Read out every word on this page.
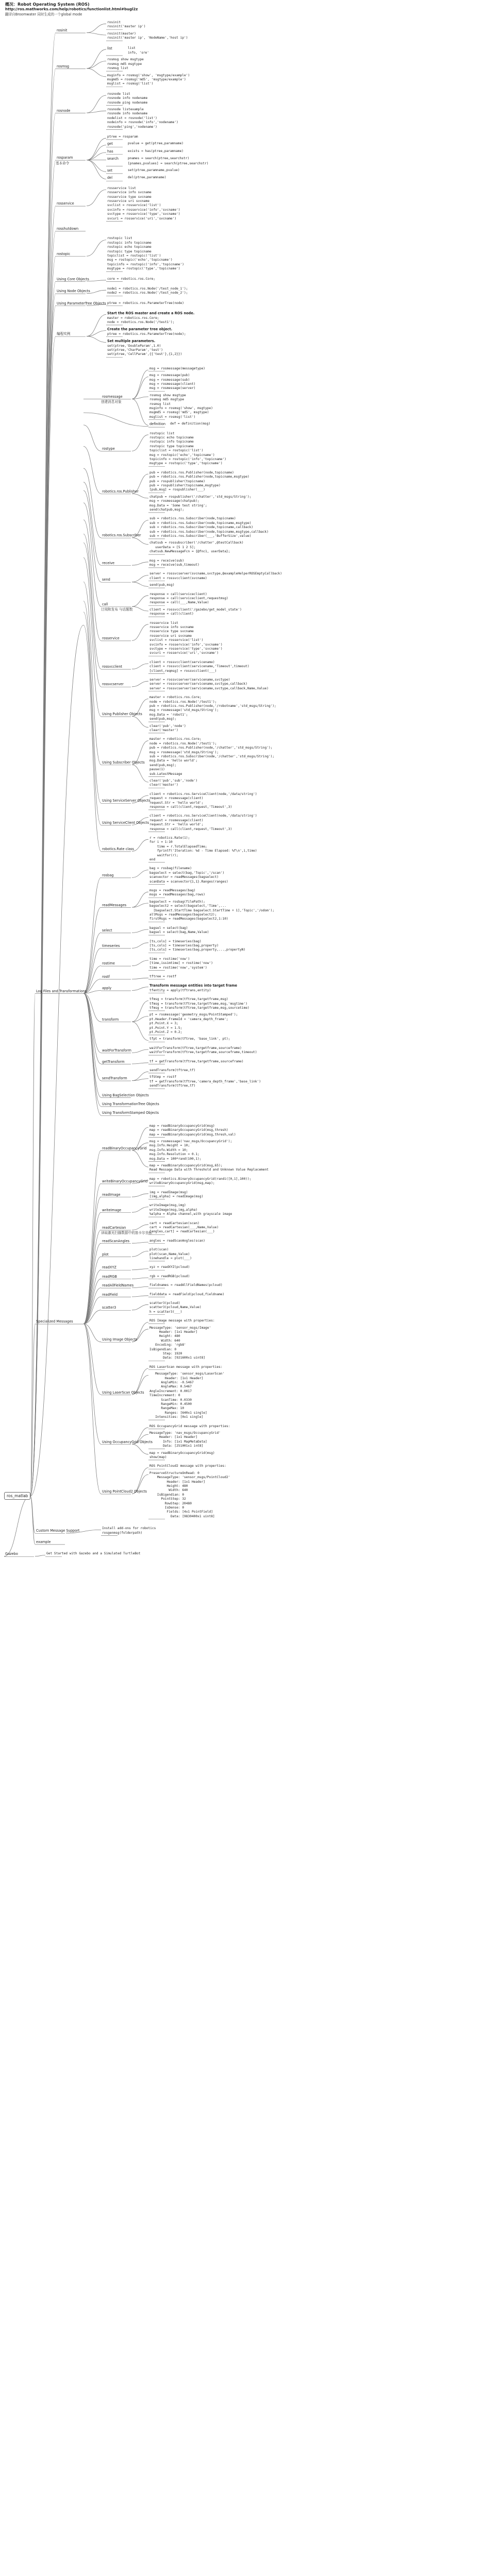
概况：Robot Operating System (ROS)
http://ros.mathworks.com/help/robotics/functionlist.html#bugl2z
翻译自Broomwater 同时生成的一个global mode
ros_matlab
rosinit
rosinit
rosinit('master ip')
rosinit(master)
rosinit('master ip', 'NodeName','host ip')
rosmsg
list	list
info, 'sre'
rosmsg show msgtype
rosmsg md5 msgtype
rosmsg list
msginfo = rosmsg('show', 'msgtype/example')
msgmd5 = rosmsg('md5', 'msgtype/example')
msglist = rosmsg('list')
rosnode
rosnode list
rosnode info nodename
rosnode ping nodename
rosnode listexample
rosnode info nodename
nodelist = rosnode('list')
nodeinfo = rosnode('info','nodename')
rosnode('ping','nodename')
rosparam
基本命令
ptree = rosparam
get	pvalue = get(ptree,paramname)
has	exists = has(ptree,paramname)
search	pnames = search(ptree,searchstr)
[pnames,pvalues] = search(ptree,searchstr)
set	set(ptree,paramname,pvalue)
del	del(ptree,paramname)
rosservice
rosservice list
rosservice info svcname
rosservice type svcname
rosservice uri svcname
svclist = rosservice('list')
svcinfo = rosservice('info','svcname')
svctype = rosservice('type','svcname')
svcuri = rosservice('uri','svcname')
rosshutdown
rostopic
rostopic list
rostopic info topicname
rostopic echo topicname
rostopic type topicname
topiclist = rostopic('list')
msg = rostopic('echo','topicname')
topicinfo = rostopic('info','topicname')
msgtype = rostopic('type','topicname')
Using Core Objects	core = robotics.ros.Core;
Using Node Objects
node1 = robotics.ros.Node('/test_node_1');
node2 = robotics.ros.Node('/test_node_2');
Using ParameterTree Objects ptree = robotics.ros.ParameterTree(node)
编程实例
Start the ROS master and create a ROS node.
master = robotics.ros.Core;
node = robotics.ros.Node('/test1');
Create the parameter tree object.
ptree = robotics.ros.ParameterTree(node);
Set multiple parameters.
set(ptree,'DoubleParam',1.0)
set(ptree,'CharParam','test')
set(ptree,'CellParam',{{'test'},{1,2}})
rosmessage
创建消息对象
msg = rosmessage(messagetype)
msg = rosmessage(pub)
msg = rosmessage(sub)
msg = rosmessage(client)
msg = rosmessage(server)
rosmsg show msgtype
rosmsg md5 msgtype
rosmsg list
msginfo = rosmsg('show', msgtype)
msgmd5 = rosmsg('md5', msgtype)
msglist = rosmsg('list')
definition def = definition(msg)
rostype
rostopic list
rostopic echo topicname
rostopic info topicname
rostopic type topicname
topiclist = rostopic('list')
msg = rostopic('echo','topicname')
topicinfo = rostopic('info','topicname')
msgtype = rostopic('type','topicname')
robotics.ros.Publisher
pub = robotics.ros.Publisher(node,topicname)
pub = robotics.ros.Publisher(node,topicname,msgtype)
pub = rospublisher(topicname)
pub = rospublisher(topicname,msgtype)
[pub,msg] = rospublisher(___)
chatpub = rospublisher('/chatter','std_msgs/String');
msg = rosmessage(chatpub);
msg.Data = 'Some test string';
send(chatpub,msg);
robotics.ros.Subscriber
sub = robotics.ros.Subscriber(node,topicname)
sub = robotics.ros.Subscriber(node,topicname,msgtype)
sub = robotics.ros.Subscriber(node,topicname,callback)
sub = robotics.ros.Subscriber(node,topicname,msgtype,callback)
sub = robotics.ros.Subscriber(___,'BufferSize',value)
chatsub = rossubscriber('/chatter',@testCallback)
userData = [5 1 2 5];
chatsub.NewMessageFcn = {@fnc1, userData};
receive
msg = receive(sub)
msg = receive(sub,timeout)
send
server = rossvcserver(svcname,svctype,@exampleHelperROSEmptyCallback)
client = rossvcclient(svcname)
send(pub,msg)
call
订阅和发布 与话题数
response = call(serviceclient)
response = call(serviceclient,requestmsg)
response = call(___,Name,Value)
client = rossvcclient('/gazebo/get_model_state')
response = call(client)
rosservice
rosservice list
rosservice info svcname
rosservice type svcname
rosservice uri svcname
svclist = rosservice('list')
svcinfo = rosservice('info','svcname')
svctype = rosservice('type','svcname')
svcuri = rosservice('uri','svcname')
rossvcclient
client = rossvcclient(servicename)
client = rossvcclient(servicename,'Timeout',timeout)
[client,reqmsg] = rossvcclient(___)
rossvcserver
server = rossvcserver(servicename,svctype)
server = rossvcserver(servicename,svctype,callback)
server = rossvcserver(servicename,svctype,callback,Name,Value)
Using Publisher Objects
master = robotics.ros.Core;
node = robotics.ros.Node('/test1');
pub = robotics.ros.Publisher(node,'/robotname','std_msgs/String');
msg = rosmessage('std_msgs/String');
msg.Data = 'robot1';
send(pub,msg);
clear('pub','node')
clear('master')
Using Subscriber Objects
master = robotics.ros.Core;
node = robotics.ros.Node('/test1');
pub = robotics.ros.Publisher(node,'/chatter','std_msgs/String');
msg = rosmessage('std_msgs/String');
sub = robotics.ros.Subscriber(node,'/chatter','std_msgs/String');
msg.Data = 'hello world';
send(pub,msg);
pause(1)
sub.LatestMessage
clear('pub','sub','node')
clear('master')
Using ServiceServer Objects
client = robotics.ros.ServiceClient(node,'/data/string')
request = rosmessage(client)
request.Str = 'hello world';
response = call(client,request,'Timeout',3)
Using ServiceClient Objects
client = robotics.ros.ServiceClient(node,'/data/string')
request = rosmessage(client)
request.Str = 'hello world';
response = call(client,request,'Timeout',3)
robotics.Rate class
r = robotics.Rate(1);
for i = 1:10
time = r.TotalElapsedTime;
fprintf('Iteration: %d - Time Elapsed: %f\n',i,time)
waitfor(r);
end
rosbag
bag = rosbag(filename)
bagselect = select(bag,'Topic','/scan')
scanvector = readMessages(bagselect)
scanData = scanvector{1,1}.Ranges(ranges)
readMessages
msgs = readMessages(bag)
msgs = readMessages(bag,rows)
bagselect = rosbag(filePath);
bagselect2 = select(bagselect,'Time',...
[bagselect.StartTime bagselect.StartTime + 1],'Topic','/odom');
allMsgs = readMessages(bagselect2);
firstMsgs = readMessages(bagselect2,1:10)
select
bagsel = select(bag)
bagsel = select(bag,Name,Value)
timeseries
[ts,cols] = timeseries(bag)
[ts,cols] = timeseries(bag,property)
[ts,cols] = timeseries(bag,property,...,propertyN)
rostime
time = rostime('now')
[time,issimtime] = rostime('now')
time = rostime('now','system')
rostf	tftree = rostf
apply
Transform message entities into target frame
tfentity = apply(tftrans,entity)
transform
tfmsg = transform(tftree,targetframe,msg)
tfmsg = transform(tftree,targetframe,msg,'msgtime')
tfmsg = transform(tftree,targetframe,msg,sourcetime)
pt = rosmessage('geometry_msgs/PointStamped');
pt.Header.FrameId = 'camera_depth_frame';
pt.Point.X = 3;
pt.Point.Y = 1.5;
pt.Point.Z = 0.2;
tfpt = transform(tftree, 'base_link', pt);
waitForTransform
waitForTransform(tftree,targetframe,sourceframe)
waitForTransform(tftree,targetframe,sourceframe,timeout)
getTransform	tf = getTransform(tftree,targetframe,sourceframe)
sendTransform
sendTransform(tftree,tf)
tfStmp = rostf
tf = getTransform(tftree,'camera_depth_frame','base_link')
sendTransform(tftree,tf)
Using BagSelection Objects
Using TransformationTree Objects
Using TransformStamped Objects
Log Files and Transformations
readBinaryOccupancyGrid
map = readBinaryOccupancyGrid(msg)
map = readBinaryOccupancyGrid(msg,thresh)
map = readBinaryOccupancyGrid(msg,thresh,val)
msg = rosmessage('nav_msgs/OccupancyGrid');
msg.Info.Height = 10;
msg.Info.Width = 10;
msg.Info.Resolution = 0.1;
msg.Data = 100*rand(100,1);
map = readBinaryOccupancyGrid(msg,65);
Read Message Data with Threshold and Unknown Value Replacement
writeBinaryOccupancyGrid
map = robotics.BinaryOccupancyGrid(randi([0,1],100));
writeBinaryOccupancyGrid(msg,map);
readImage
img = readImage(msg)
[img,alpha] = readImage(msg)
writeImage
writeImage(msg,img)
writeImage(msg,img,alpha)
%alpha = Alpha channel,with grayscale image
readCartesian
读取激光扫描数据中的笛卡尔坐标
cart = readCartesian(scan)
cart = readCartesian(___,Name,Value)
[angles,cart] = readCartesian(___)
readScanAngles	angles = readScanAngles(scan)
plot
plot(scan)
plot(scan,Name,Value)
linehandle = plot(___)
readXYZ	xyz = readXYZ(pcloud)
readRGB	rgb = readRGB(pcloud)
readAllFieldNames	fieldnames = readAllFieldNames(pcloud)
readField	fielddata = readField(pcloud,fieldname)
scatter3
scatter3(pcloud)
scatter3(pcloud,Name,Value)
h = scatter3(___)
Using Image Objects
ROS Image message with properties:
MessageType: 'sensor_msgs/Image'
Header: [1x1 Header]
Height: 480
Width: 640
Encoding: 'rgb8'
IsBigendian: 0
Step: 1920
Data: [921600x1 uint8]
Using LaserScan Objects
ROS LaserScan message with properties:
MessageType: 'sensor_msgs/LaserScan'
Header: [1x1 Header]
AngleMin: -0.5467
AngleMax: 0.5467
AngleIncrement: 0.0017
TimeIncrement: 0
ScanTime: 0.0330
RangeMin: 0.4500
RangeMax: 10
Ranges: [640x1 single]
Intensities: [0x1 single]
Using OccupancyGrid Objects
ROS OccupancyGrid message with properties:
MessageType: 'nav_msgs/OccupancyGrid'
Header: [1x1 Header]
Info: [1x1 MapMetaData]
Data: [251001x1 int8]
map = readBinaryOccupancyGrid(msg)
show(map)
Using PointCloud2 Objects
ROS PointCloud2 message with properties:
PreserveStructureOnRead: 0
MessageType: 'sensor_msgs/PointCloud2'
Header: [1x1 Header]
Height: 480
Width: 640
IsBigendian: 0
PointStep: 32
RowStep: 20480
IsDense: 0
Fields: [4x1 PointField]
Data: [9830400x1 uint8]
Specialized Messages
Custom Message Support
Install add-ons for robotics
rosgenmsg(folderpath)
example
Gazebo	Get Started with Gazebo and a Simulated TurtleBot
